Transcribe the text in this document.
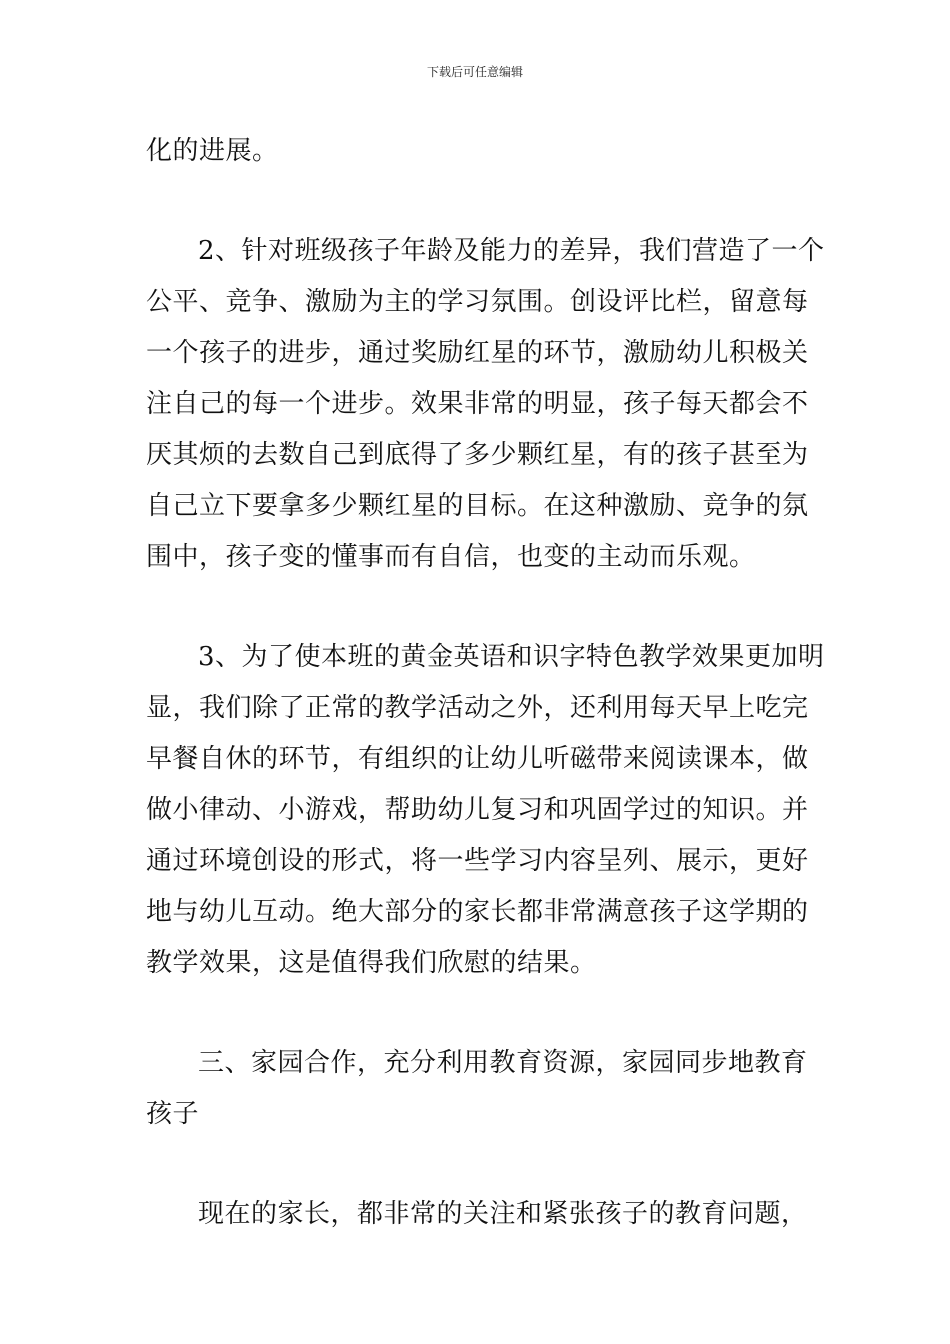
下载后可任意编辑
化的进展。
2、针对班级孩子年龄及能力的差异，我们营造了一个
公平、竞争、激励为主的学习氛围。创设评比栏，留意每
一个孩子的进步，通过奖励红星的环节，激励幼儿积极关
注自己的每一个进步。效果非常的明显，孩子每天都会不
厌其烦的去数自己到底得了多少颗红星，有的孩子甚至为
自己立下要拿多少颗红星的目标。在这种激励、竞争的氛
围中，孩子变的懂事而有自信，也变的主动而乐观。
3、为了使本班的黄金英语和识字特色教学效果更加明
显，我们除了正常的教学活动之外，还利用每天早上吃完
早餐自休的环节，有组织的让幼儿听磁带来阅读课本，做
做小律动、小游戏，帮助幼儿复习和巩固学过的知识。并
通过环境创设的形式，将一些学习内容呈列、展示，更好
地与幼儿互动。绝大部分的家长都非常满意孩子这学期的
教学效果，这是值得我们欣慰的结果。
三、家园合作，充分利用教育资源，家园同步地教育
孩子
现在的家长，都非常的关注和紧张孩子的教育问题，
